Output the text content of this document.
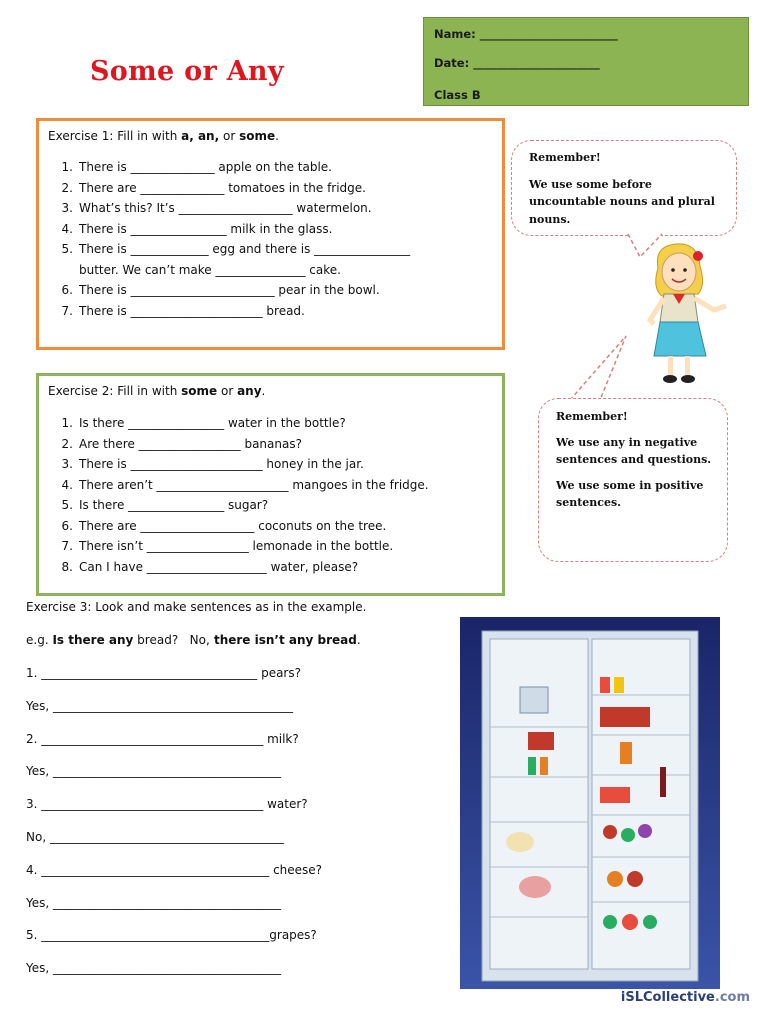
Some or Any
Name: ________________________
Date: ______________________
Class B
Exercise 1: Fill in with a, an, or some.
1. There is ______________ apple on the table.
2. There are ______________ tomatoes in the fridge.
3. What’s this? It’s ___________________ watermelon.
4. There is ________________ milk in the glass.
5. There is _____________ egg and there is ________________
butter. We can’t make _______________ cake.
6. There is ________________________ pear in the bowl.
7. There is ______________________ bread.
Exercise 2: Fill in with some or any.
1. Is there ________________ water in the bottle?
2. Are there _________________ bananas?
3. There is ______________________ honey in the jar.
4. There aren’t ______________________ mangoes in the fridge.
5. Is there ________________ sugar?
6. There are ___________________ coconuts on the tree.
7. There isn’t _________________ lemonade in the bottle.
8. Can I have ____________________ water, please?

Remember!

We use some before uncountable nouns and plural nouns.

Remember!

We use any in negative sentences and questions.

We use some in positive sentences.

Exercise 3: Look and make sentences as in the example.
e.g. Is there any bread? No, there isn’t any bread.
1. ____________________________________ pears?
Yes, ________________________________________
2. _____________________________________ milk?
Yes, ______________________________________
3. _____________________________________ water?
No, _______________________________________
4. ______________________________________ cheese?
Yes, ______________________________________
5. ______________________________________grapes?
Yes, ______________________________________
iSLCollective.com
